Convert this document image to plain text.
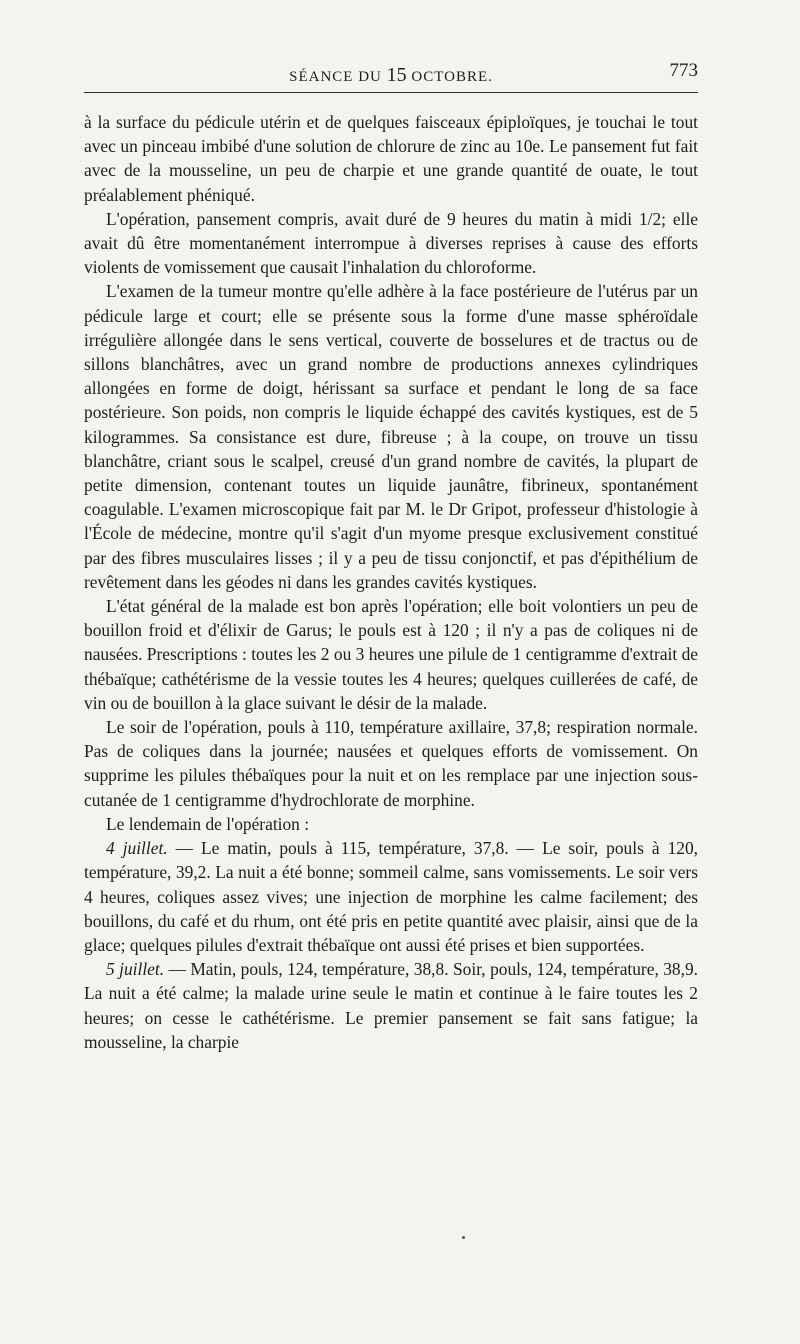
SÉANCE DU 15 OCTOBRE.	773

à la surface du pédicule utérin et de quelques faisceaux épiploïques, je touchai le tout avec un pinceau imbibé d'une solution de chlorure de zinc au 10e. Le pansement fut fait avec de la mousseline, un peu de charpie et une grande quantité de ouate, le tout préalablement phéniqué.

L'opération, pansement compris, avait duré de 9 heures du matin à midi 1/2; elle avait dû être momentanément interrompue à diverses reprises à cause des efforts violents de vomissement que causait l'inhalation du chloroforme.

L'examen de la tumeur montre qu'elle adhère à la face postérieure de l'utérus par un pédicule large et court; elle se présente sous la forme d'une masse sphéroïdale irrégulière allongée dans le sens vertical, couverte de bosselures et de tractus ou de sillons blanchâtres, avec un grand nombre de productions annexes cylindriques allongées en forme de doigt, hérissant sa surface et pendant le long de sa face postérieure. Son poids, non compris le liquide échappé des cavités kystiques, est de 5 kilogrammes. Sa consistance est dure, fibreuse ; à la coupe, on trouve un tissu blanchâtre, criant sous le scalpel, creusé d'un grand nombre de cavités, la plupart de petite dimension, contenant toutes un liquide jaunâtre, fibrineux, spontanément coagulable. L'examen microscopique fait par M. le Dr Gripot, professeur d'histologie à l'École de médecine, montre qu'il s'agit d'un myome presque exclusivement constitué par des fibres musculaires lisses ; il y a peu de tissu conjonctif, et pas d'épithélium de revêtement dans les géodes ni dans les grandes cavités kystiques.

L'état général de la malade est bon après l'opération; elle boit volontiers un peu de bouillon froid et d'élixir de Garus; le pouls est à 120 ; il n'y a pas de coliques ni de nausées. Prescriptions : toutes les 2 ou 3 heures une pilule de 1 centigramme d'extrait de thébaïque; cathétérisme de la vessie toutes les 4 heures; quelques cuillerées de café, de vin ou de bouillon à la glace suivant le désir de la malade.

Le soir de l'opération, pouls à 110, température axillaire, 37,8; respiration normale. Pas de coliques dans la journée; nausées et quelques efforts de vomissement. On supprime les pilules thébaïques pour la nuit et on les remplace par une injection sous-cutanée de 1 centigramme d'hydrochlorate de morphine.

Le lendemain de l'opération :

4 juillet. — Le matin, pouls à 115, température, 37,8. — Le soir, pouls à 120, température, 39,2. La nuit a été bonne; sommeil calme, sans vomissements. Le soir vers 4 heures, coliques assez vives; une injection de morphine les calme facilement; des bouillons, du café et du rhum, ont été pris en petite quantité avec plaisir, ainsi que de la glace; quelques pilules d'extrait thébaïque ont aussi été prises et bien supportées.

5 juillet. — Matin, pouls, 124, température, 38,8. Soir, pouls, 124, température, 38,9. La nuit a été calme; la malade urine seule le matin et continue à le faire toutes les 2 heures; on cesse le cathétérisme. Le premier pansement se fait sans fatigue; la mousseline, la charpie
